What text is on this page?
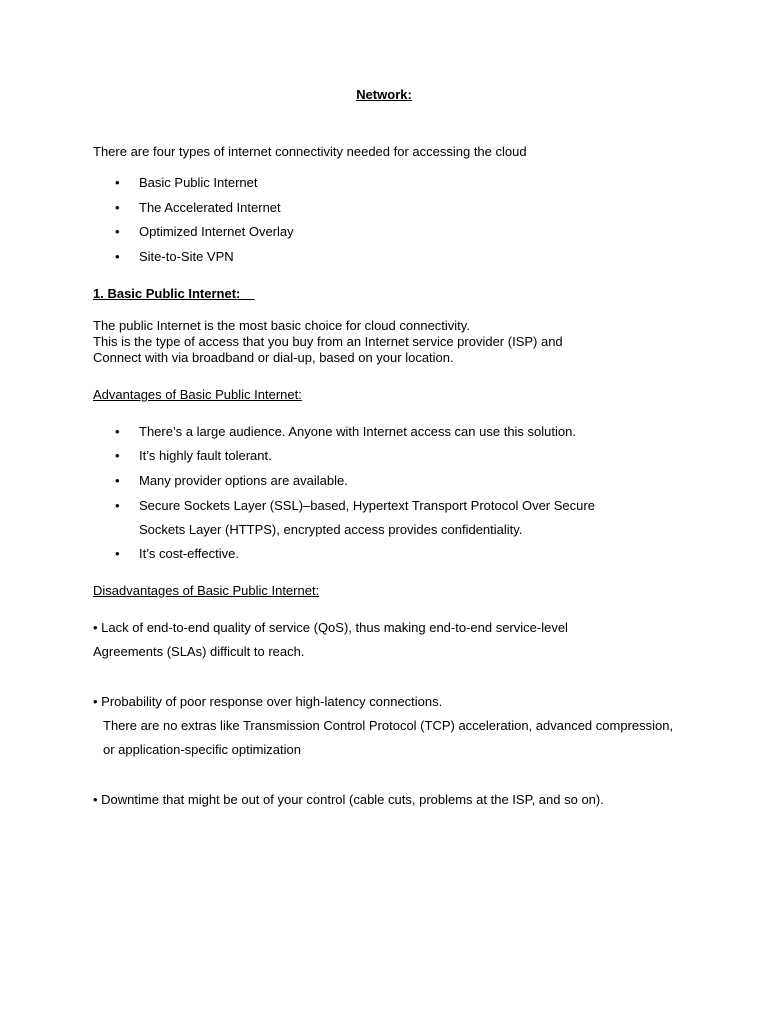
Network:
There are four types of internet connectivity needed for accessing the cloud
• Basic Public Internet
• The Accelerated Internet
• Optimized Internet Overlay
• Site-to-Site VPN
1. Basic Public Internet:
The public Internet is the most basic choice for cloud connectivity.
This is the type of access that you buy from an Internet service provider (ISP) and
Connect with via broadband or dial-up, based on your location.
Advantages of Basic Public Internet:
• There’s a large audience. Anyone with Internet access can use this solution.
• It’s highly fault tolerant.
• Many provider options are available.
• Secure Sockets Layer (SSL)–based, Hypertext Transport Protocol Over Secure
Sockets Layer (HTTPS), encrypted access provides confidentiality.
• It’s cost-effective.
Disadvantages of Basic Public Internet:
• Lack of end-to-end quality of service (QoS), thus making end-to-end service-level
Agreements (SLAs) difficult to reach.
• Probability of poor response over high-latency connections.
There are no extras like Transmission Control Protocol (TCP) acceleration, advanced compression,
or application-specific optimization
• Downtime that might be out of your control (cable cuts, problems at the ISP, and so on).
